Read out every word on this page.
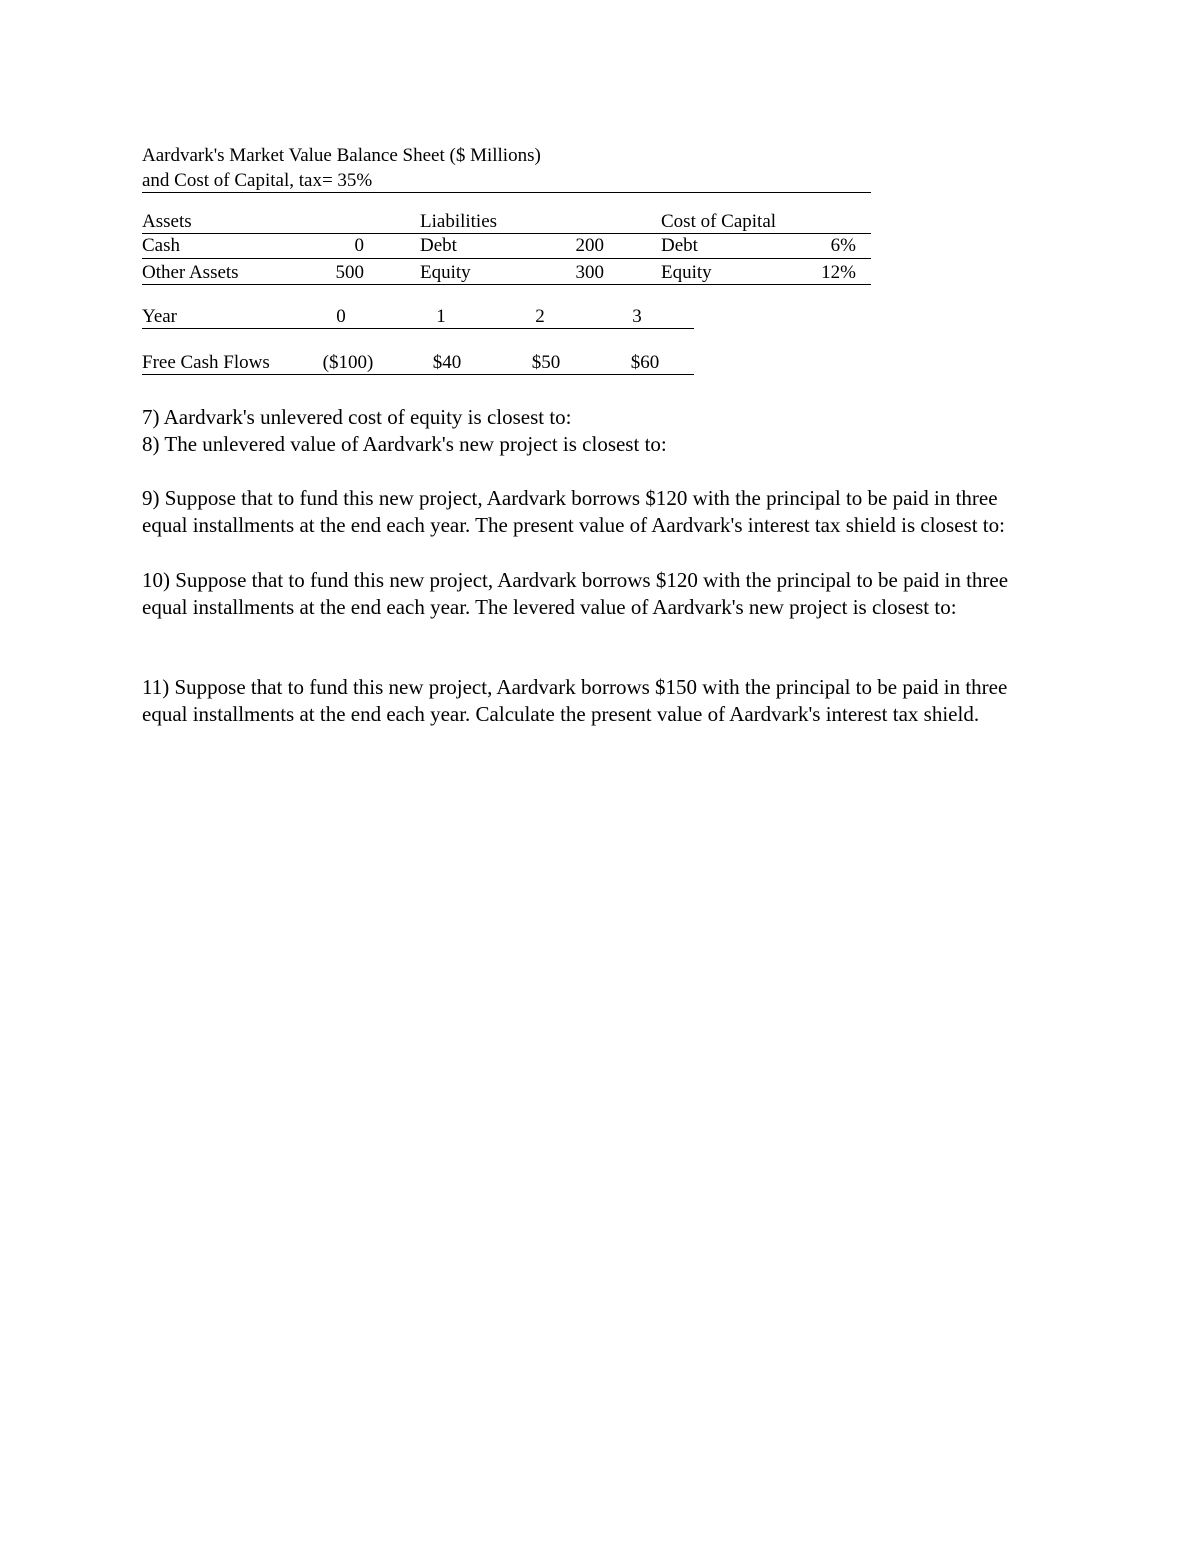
Aardvark's Market Value Balance Sheet ($ Millions)
and Cost of Capital, tax= 35%
Assets	Liabilities	Cost of Capital
Cash	0	Debt	200	Debt	6%
Other Assets	500	Equity	300	Equity	12%
Year	0	1	2	3
Free Cash Flows	($100)	$40	$50	$60
7) Aardvark's unlevered cost of equity is closest to:
8) The unlevered value of Aardvark's new project is closest to:
9) Suppose that to fund this new project, Aardvark borrows $120 with the principal to be paid in three equal installments at the end each year. The present value of Aardvark's interest tax shield is closest to:
10) Suppose that to fund this new project, Aardvark borrows $120 with the principal to be paid in three equal installments at the end each year. The levered value of Aardvark's new project is closest to:
11) Suppose that to fund this new project, Aardvark borrows $150 with the principal to be paid in three equal installments at the end each year. Calculate the present value of Aardvark's interest tax shield.
